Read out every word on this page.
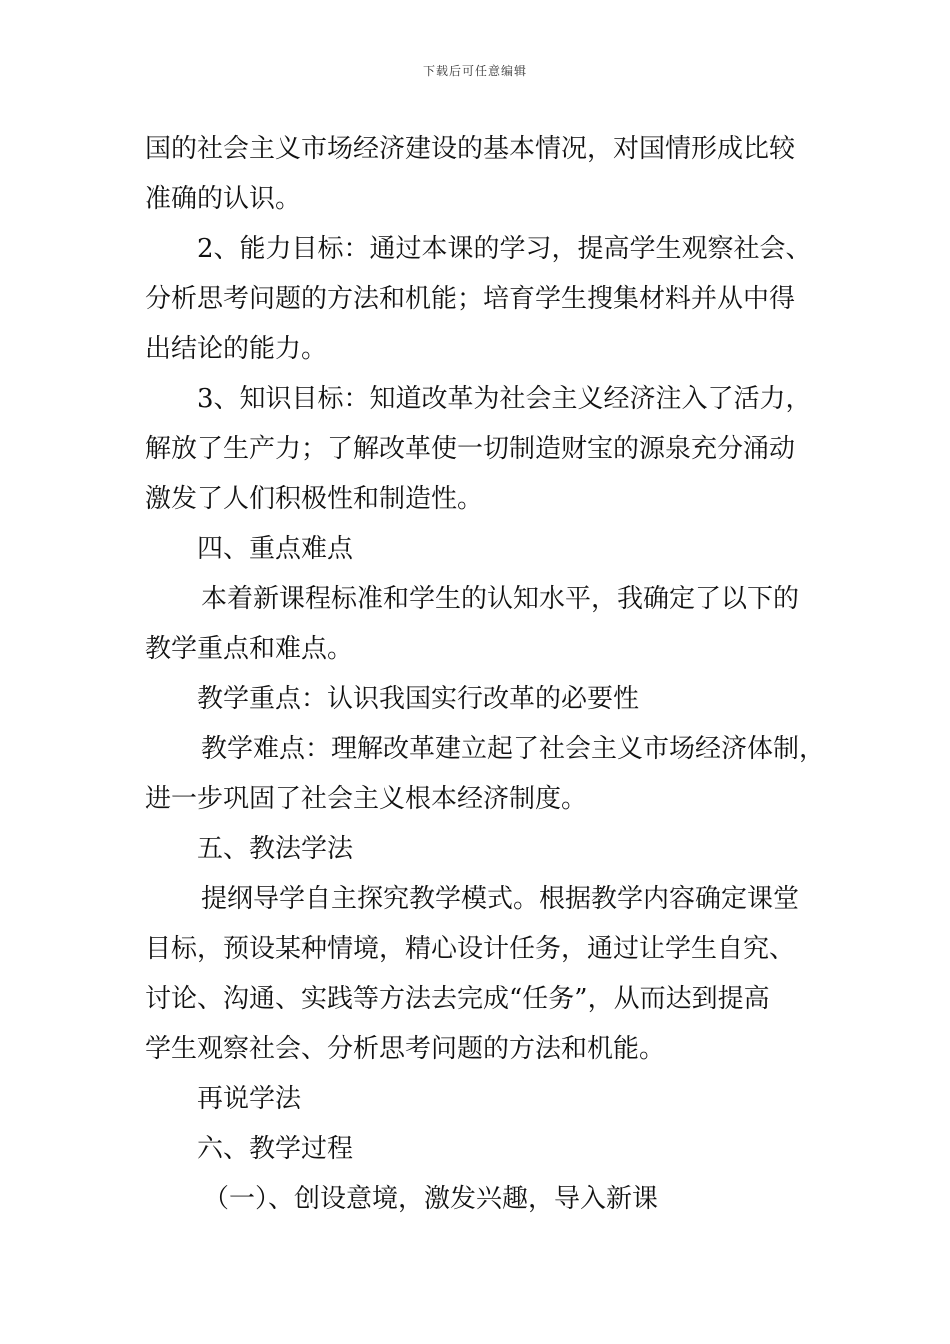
下载后可任意编辑
国的社会主义市场经济建设的基本情况，对国情形成比较
准确的认识。
2、能力目标：通过本课的学习，提高学生观察社会、
分析思考问题的方法和机能；培育学生搜集材料并从中得
出结论的能力。
3、知识目标：知道改革为社会主义经济注入了活力，
解放了生产力；了解改革使一切制造财宝的源泉充分涌动
激发了人们积极性和制造性。
四、重点难点
本着新课程标准和学生的认知水平，我确定了以下的
教学重点和难点。
教学重点：认识我国实行改革的必要性
教学难点：理解改革建立起了社会主义市场经济体制，
进一步巩固了社会主义根本经济制度。
五、教法学法
提纲导学自主探究教学模式。根据教学内容确定课堂
目标，预设某种情境，精心设计任务，通过让学生自究、
讨论、沟通、实践等方法去完成“任务”，从而达到提高
学生观察社会、分析思考问题的方法和机能。
再说学法
六、教学过程
（一）、创设意境，激发兴趣，导入新课
